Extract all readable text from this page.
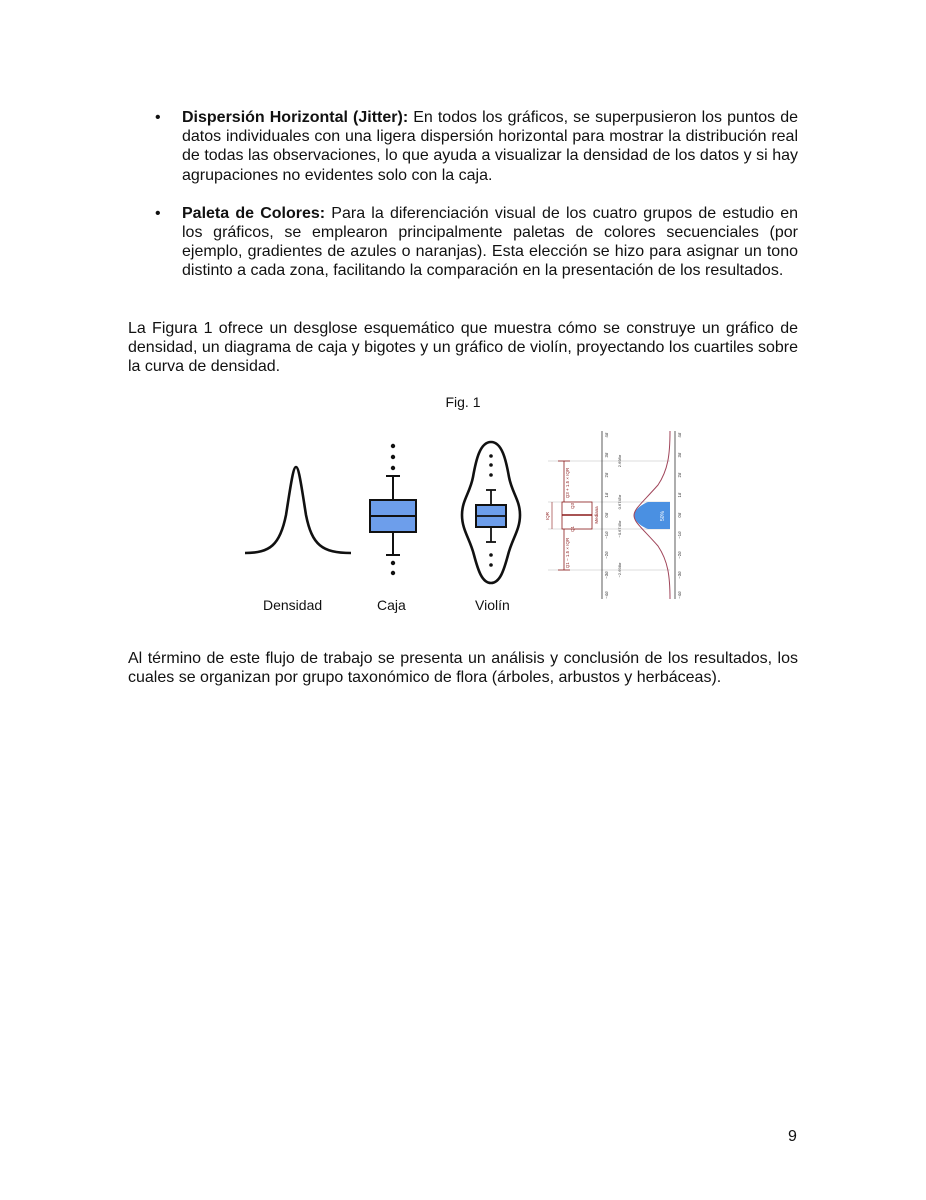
• Dispersión Horizontal (Jitter): En todos los gráficos, se superpusieron los puntos de datos individuales con una ligera dispersión horizontal para mostrar la distribución real de todas las observaciones, lo que ayuda a visualizar la densidad de los datos y si hay agrupaciones no evidentes solo con la caja.
• Paleta de Colores: Para la diferenciación visual de los cuatro grupos de estudio en los gráficos, se emplearon principalmente paletas de colores secuenciales (por ejemplo, gradientes de azules o naranjas). Esta elección se hizo para asignar un tono distinto a cada zona, facilitando la comparación en la presentación de los resultados.

La Figura 1 ofrece un desglose esquemático que muestra cómo se construye un gráfico de densidad, un diagrama de caja y bigotes y un gráfico de violín, proyectando los cuartiles sobre la curva de densidad.

Fig. 1
Q3 + 1.5 × IQR
Q1 − 1.5 × IQR
Q3
Q1
IQR	Mediana
4σ
3σ
2σ
1σ
0σ
−1σ
−2σ
−3σ
−4σ
4σ
3σ
2σ
1σ
0σ
−1σ
−2σ
−3σ
−4σ
2.698σ
0.6745σ
−0.6745σ
−2.698σ
50%
Densidad	Caja	Violín

Al término de este flujo de trabajo se presenta un análisis y conclusión de los resultados, los cuales se organizan por grupo taxonómico de flora (árboles, arbustos y herbáceas).

9
